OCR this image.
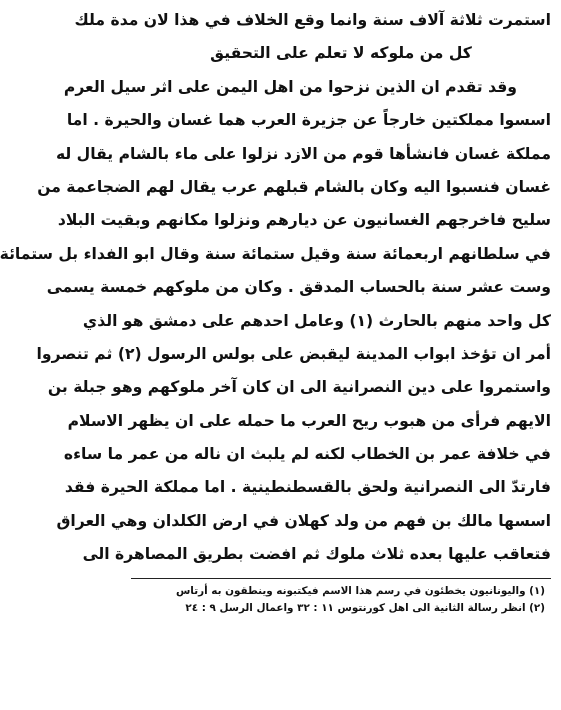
استمرت ثلاثة آلاف سنة وانما وقع الخلاف في هذا لان مدة ملك
كل من ملوكه لا تعلم على التحقيق
وقد تقدم ان الذين نزحوا من اهل اليمن على اثر سيل العرم
اسسوا مملكتين خارجاً عن جزيرة العرب هما غسان والحيرة . اما
مملكة غسان فانشأها قوم من الازد نزلوا على ماء بالشام يقال له
غسان فنسبوا اليه وكان بالشام قبلهم عرب يقال لهم الضجاعمة من
سليح فاخرجهم الغسانيون عن ديارهم ونزلوا مكانهم وبقيت البلاد
في سلطانهم اربعمائة سنة وقيل ستمائة سنة وقال ابو الفداء بل ستمائة
وست عشر سنة بالحساب المدقق . وكان من ملوكهم خمسة يسمى
كل واحد منهم بالحارث (١) وعامل احدهم على دمشق هو الذي
أمر ان تؤخذ ابواب المدينة ليقبض على بولس الرسول (٢) ثم تنصروا
واستمروا على دين النصرانية الى ان كان آخر ملوكهم وهو جبلة بن
الايهم فرأى من هبوب ريح العرب ما حمله على ان يظهر الاسلام
في خلافة عمر بن الخطاب لكنه لم يلبث ان ناله من عمر ما ساءه
فارتدّ الى النصرانية ولحق بالقسطنطينية . اما مملكة الحيرة فقد
اسسها مالك بن فهم من ولد كهلان في ارض الكلدان وهي العراق
فتعاقب عليها بعده ثلاث ملوك ثم افضت بطريق المصاهرة الى
(١) واليونانيون يخطئون في رسم هذا الاسم فيكتبونه وينطقون به أرتاس
(٢) انظر رسالة الثانية الى اهل كورنتوس ١١ : ٣٢ واعمال الرسل ٩ : ٢٤
